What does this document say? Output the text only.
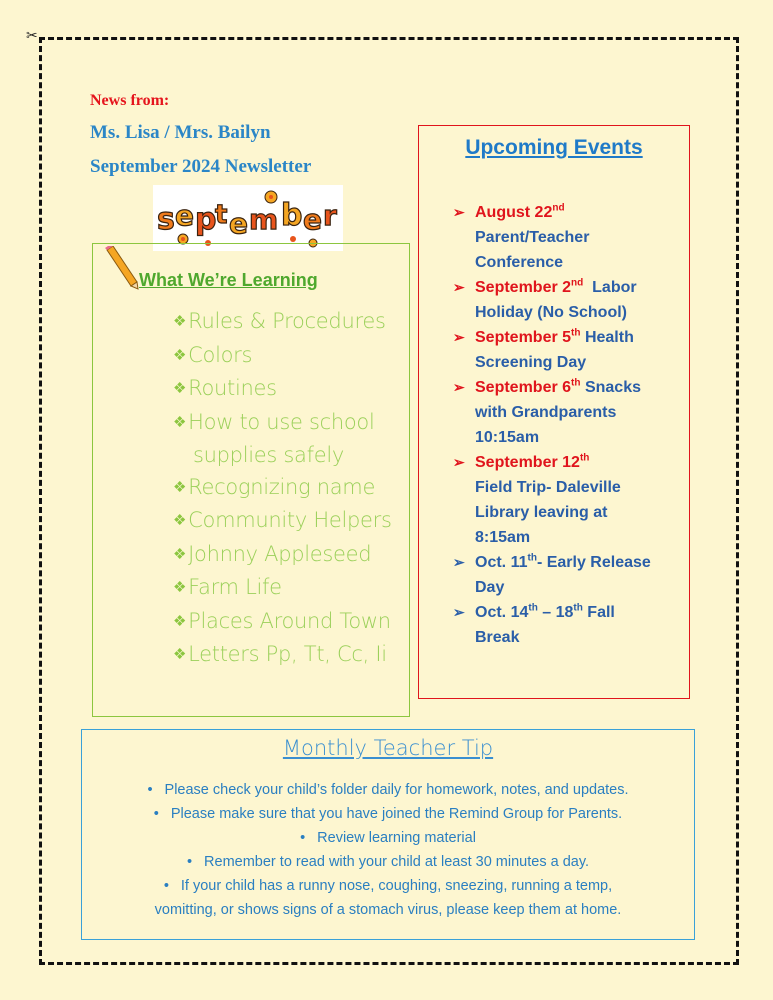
✂
News from:
Ms. Lisa / Mrs. Bailyn
September 2024 Newsletter
s e p
t e m b e r
What We’re Learning
❖Rules & Procedures
❖Colors
❖Routines
❖How to use school
supplies safely
❖Recognizing name
❖Community Helpers
❖Johnny Appleseed
❖Farm Life
❖Places Around Town
❖Letters Pp, Tt, Cc, Ii
Upcoming Events
➢ August 22nd
Parent/Teacher
Conference
➢ September 2nd  Labor
Holiday (No School)
➢ September 5th Health
Screening Day
➢ September 6th Snacks
with Grandparents
10:15am
➢ September 12th
Field Trip- Daleville
Library leaving at
8:15am
➢ Oct. 11th- Early Release
Day
➢ Oct. 14th – 18th Fall
Break
Monthly Teacher Tip
• Please check your child’s folder daily for homework, notes, and updates.
• Please make sure that you have joined the Remind Group for Parents.
• Review learning material
• Remember to read with your child at least 30 minutes a day.
• If your child has a runny nose, coughing, sneezing, running a temp,
vomitting, or shows signs of a stomach virus, please keep them at home.
